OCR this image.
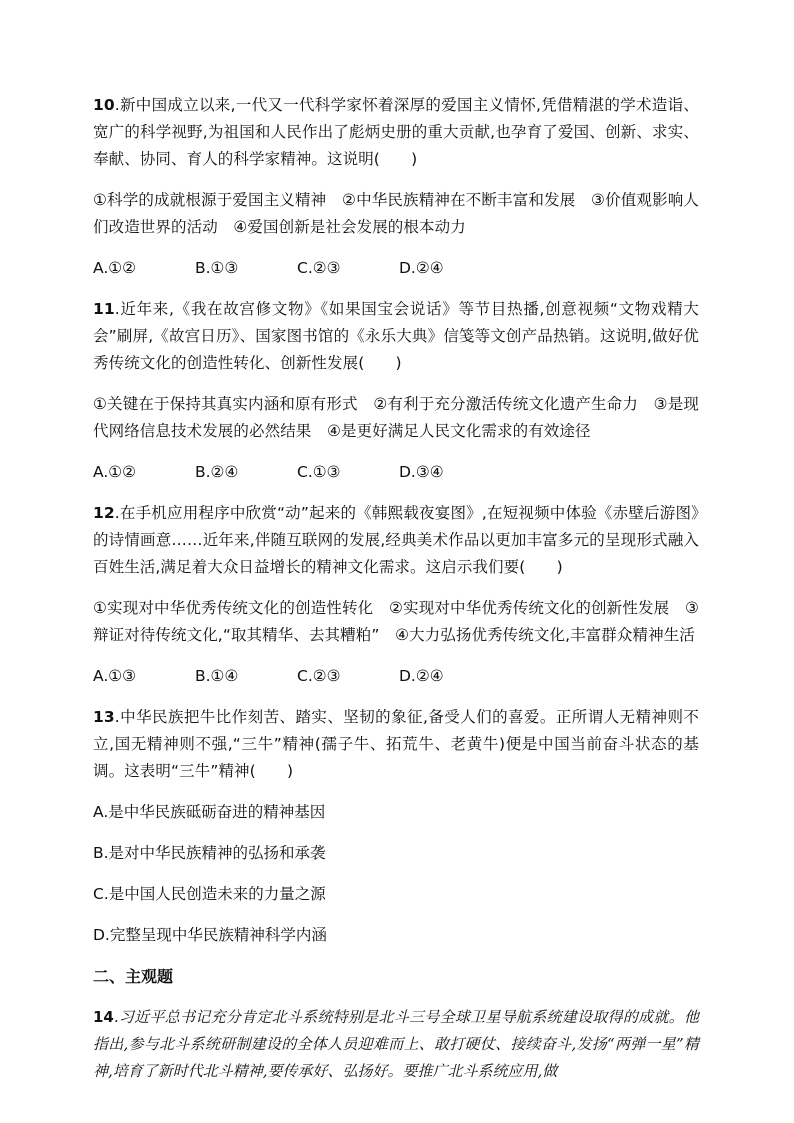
10.新中国成立以来,一代又一代科学家怀着深厚的爱国主义情怀,凭借精湛的学术造诣、宽广的科学视野,为祖国和人民作出了彪炳史册的重大贡献,也孕育了爱国、创新、求实、奉献、协同、育人的科学家精神。这说明(　　)

①科学的成就根源于爱国主义精神　②中华民族精神在不断丰富和发展　③价值观影响人们改造世界的活动　④爱国创新是社会发展的根本动力

A.①②	B.①③	C.②③	D.②④

11.近年来,《我在故宫修文物》《如果国宝会说话》等节目热播,创意视频“文物戏精大会”刷屏,《故宫日历》、国家图书馆的《永乐大典》信笺等文创产品热销。这说明,做好优秀传统文化的创造性转化、创新性发展(　　)

①关键在于保持其真实内涵和原有形式　②有利于充分激活传统文化遗产生命力　③是现代网络信息技术发展的必然结果　④是更好满足人民文化需求的有效途径

A.①②	B.②④	C.①③	D.③④

12.在手机应用程序中欣赏“动”起来的《韩熙载夜宴图》,在短视频中体验《赤壁后游图》的诗情画意……近年来,伴随互联网的发展,经典美术作品以更加丰富多元的呈现形式融入百姓生活,满足着大众日益增长的精神文化需求。这启示我们要(　　)

①实现对中华优秀传统文化的创造性转化　②实现对中华优秀传统文化的创新性发展　③辩证对待传统文化,“取其精华、去其糟粕”　④大力弘扬优秀传统文化,丰富群众精神生活

A.①③	B.①④	C.②③	D.②④

13.中华民族把牛比作刻苦、踏实、坚韧的象征,备受人们的喜爱。正所谓人无精神则不立,国无精神则不强,“三牛”精神(孺子牛、拓荒牛、老黄牛)便是中国当前奋斗状态的基调。这表明“三牛”精神(　　)

A.是中华民族砥砺奋进的精神基因

B.是对中华民族精神的弘扬和承袭

C.是中国人民创造未来的力量之源

D.完整呈现中华民族精神科学内涵

二、主观题

14.习近平总书记充分肯定北斗系统特别是北斗三号全球卫星导航系统建设取得的成就。他指出,参与北斗系统研制建设的全体人员迎难而上、敢打硬仗、接续奋斗,发扬“两弹一星”精神,培育了新时代北斗精神,要传承好、弘扬好。要推广北斗系统应用,做
